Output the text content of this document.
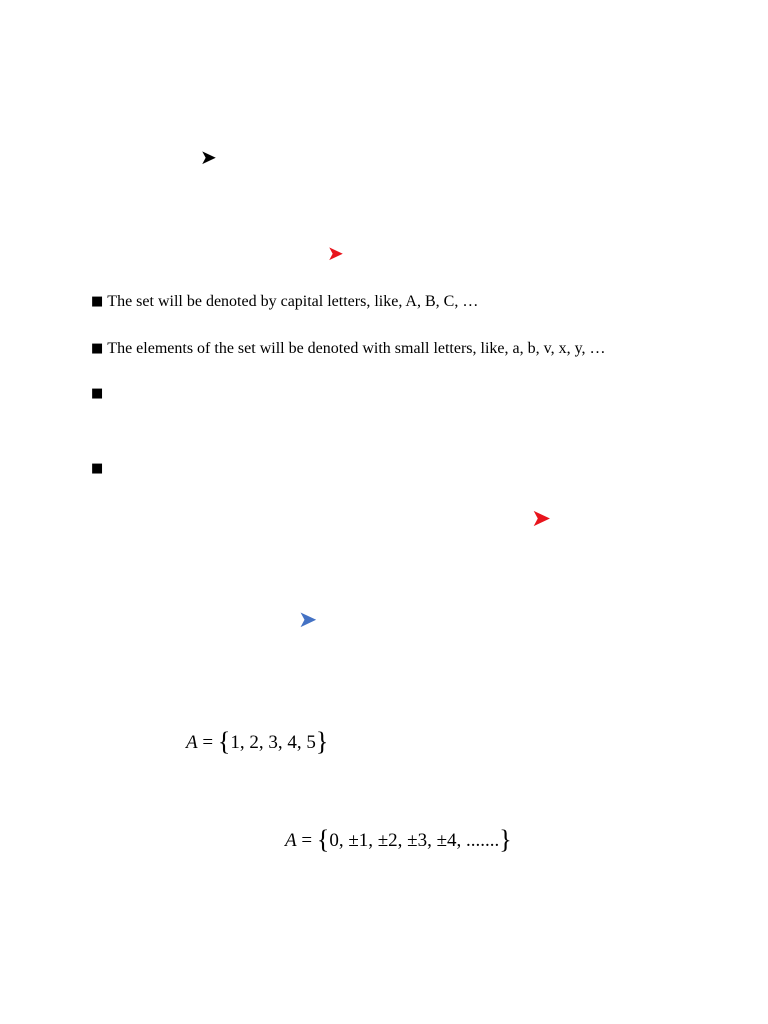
➤
➤
■ The set will be denoted by capital letters, like, A, B, C, …
■ The elements of the set will be denoted with small letters, like, a, b, v, x, y, …
■
■
➤
➤
A = {1, 2, 3, 4, 5}
A = {0, ±1, ±2, ±3, ±4, .......}
